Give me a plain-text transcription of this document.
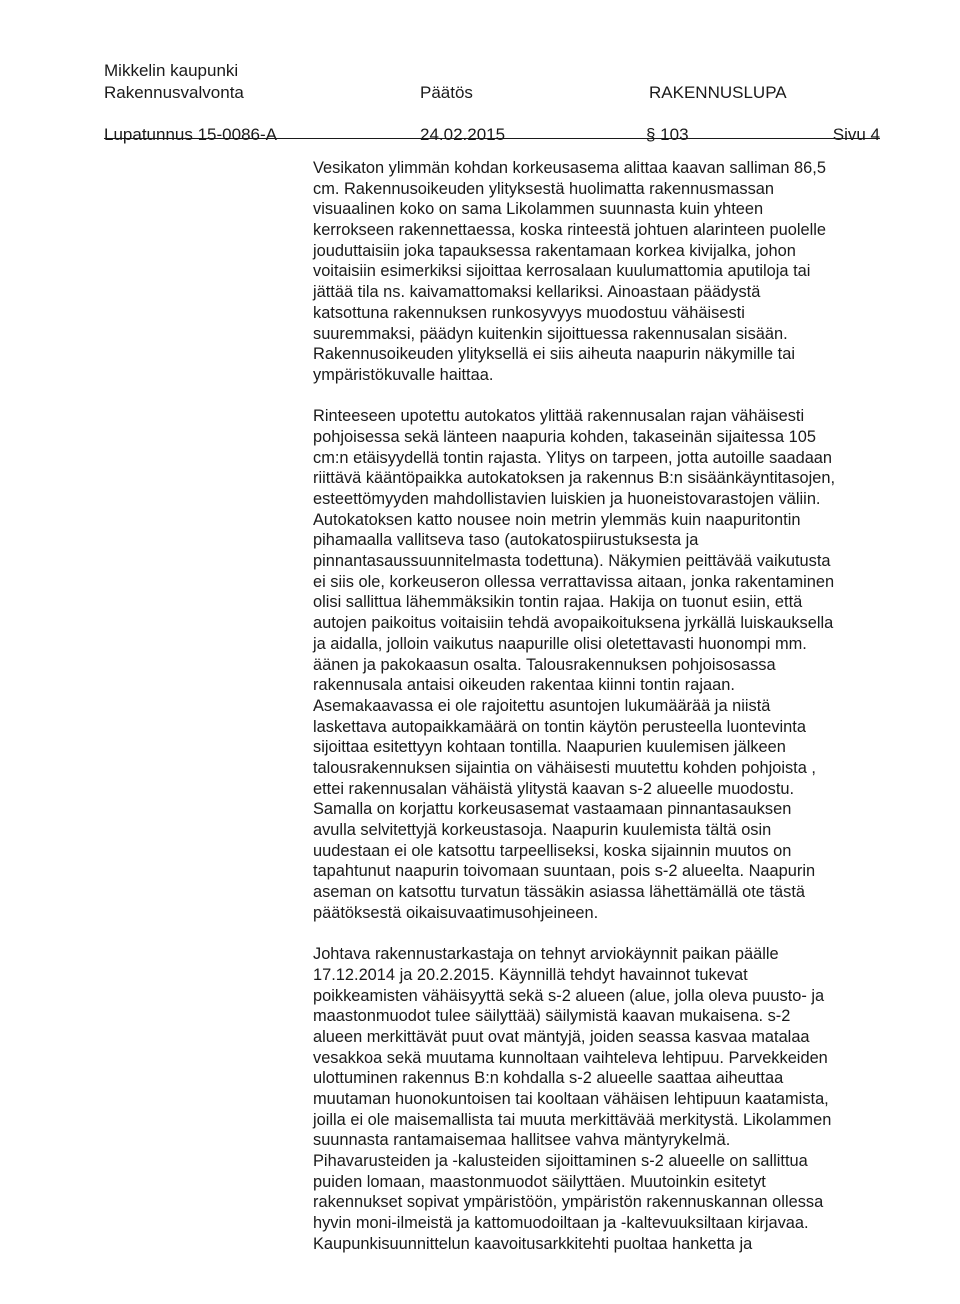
Mikkelin kaupunki
Rakennusvalvonta	Päätös	RAKENNUSLUPA
Lupatunnus 15-0086-A	24.02.2015	§ 103	Sivu 4
Vesikaton ylimmän kohdan korkeusasema alittaa kaavan salliman 86,5
cm. Rakennusoikeuden ylityksestä huolimatta rakennusmassan
visuaalinen koko on sama Likolammen suunnasta kuin yhteen
kerrokseen rakennettaessa, koska rinteestä johtuen alarinteen puolelle
jouduttaisiin joka tapauksessa rakentamaan korkea kivijalka, johon
voitaisiin esimerkiksi sijoittaa kerrosalaan kuulumattomia aputiloja tai
jättää tila ns. kaivamattomaksi kellariksi. Ainoastaan päädystä
katsottuna rakennuksen runkosyvyys muodostuu vähäisesti
suuremmaksi, päädyn kuitenkin sijoittuessa rakennusalan sisään.
Rakennusoikeuden ylityksellä ei siis aiheuta naapurin näkymille tai
ympäristökuvalle haittaa.
Rinteeseen upotettu autokatos ylittää rakennusalan rajan vähäisesti
pohjoisessa sekä länteen naapuria kohden, takaseinän sijaitessa 105
cm:n etäisyydellä tontin rajasta. Ylitys on tarpeen, jotta autoille saadaan
riittävä kääntöpaikka autokatoksen ja rakennus B:n sisäänkäyntitasojen,
esteettömyyden mahdollistavien luiskien ja huoneistovarastojen väliin.
Autokatoksen katto nousee noin metrin ylemmäs kuin naapuritontin
pihamaalla vallitseva taso (autokatospiirustuksesta ja
pinnantasaussuunnitelmasta todettuna). Näkymien peittävää vaikutusta
ei siis ole, korkeuseron ollessa verrattavissa aitaan, jonka rakentaminen
olisi sallittua lähemmäksikin tontin rajaa. Hakija on tuonut esiin, että
autojen paikoitus voitaisiin tehdä avopaikoituksena jyrkällä luiskauksella
ja aidalla, jolloin vaikutus naapurille olisi oletettavasti huonompi mm.
äänen ja pakokaasun osalta. Talousrakennuksen pohjoisosassa
rakennusala antaisi oikeuden rakentaa kiinni tontin rajaan.
Asemakaavassa ei ole rajoitettu asuntojen lukumäärää ja niistä
laskettava autopaikkamäärä on tontin käytön perusteella luontevinta
sijoittaa esitettyyn kohtaan tontilla. Naapurien kuulemisen jälkeen
talousrakennuksen sijaintia on vähäisesti muutettu kohden pohjoista ,
ettei rakennusalan vähäistä ylitystä kaavan s-2 alueelle muodostu.
Samalla on korjattu korkeusasemat vastaamaan pinnantasauksen
avulla selvitettyjä korkeustasoja. Naapurin kuulemista tältä osin
uudestaan ei ole katsottu tarpeelliseksi, koska sijainnin muutos on
tapahtunut naapurin toivomaan suuntaan, pois s-2 alueelta. Naapurin
aseman on katsottu turvatun tässäkin asiassa lähettämällä ote tästä
päätöksestä oikaisuvaatimusohjeineen.
Johtava rakennustarkastaja on tehnyt arviokäynnit paikan päälle
17.12.2014 ja 20.2.2015. Käynnillä tehdyt havainnot tukevat
poikkeamisten vähäisyyttä sekä s-2 alueen (alue, jolla oleva puusto- ja
maastonmuodot tulee säilyttää) säilymistä kaavan mukaisena. s-2
alueen merkittävät puut ovat mäntyjä, joiden seassa kasvaa matalaa
vesakkoa sekä muutama kunnoltaan vaihteleva lehtipuu. Parvekkeiden
ulottuminen rakennus B:n kohdalla s-2 alueelle saattaa aiheuttaa
muutaman huonokuntoisen tai kooltaan vähäisen lehtipuun kaatamista,
joilla ei ole maisemallista tai muuta merkittävää merkitystä. Likolammen
suunnasta rantamaisemaa hallitsee vahva mäntyrykelmä.
Pihavarusteiden ja -kalusteiden sijoittaminen s-2 alueelle on sallittua
puiden lomaan, maastonmuodot säilyttäen. Muutoinkin esitetyt
rakennukset sopivat ympäristöön, ympäristön rakennuskannan ollessa
hyvin moni-ilmeistä ja kattomuodoiltaan ja -kaltevuuksiltaan kirjavaa.
Kaupunkisuunnittelun kaavoitusarkkitehti puoltaa hanketta ja
